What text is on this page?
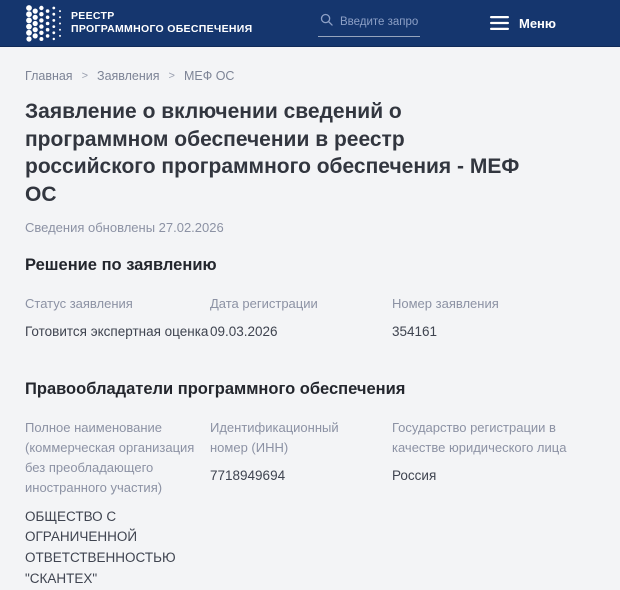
РЕЕСТР
ПРОГРАММНОГО ОБЕСПЕЧЕНИЯ
Введите запрос	Меню
Главная > Заявления > МЕФ ОС
Заявление о включении сведений о программном обеспечении в реестр российского программного обеспечения - МЕФ ОС
Сведения обновлены 27.02.2026
Решение по заявлению
Статус заявления
Готовится экспертная оценка
Дата регистрации
09.03.2026
Номер заявления
354161
Правообладатели программного обеспечения
Полное наименование (коммерческая организация без преобладающего иностранного участия)
ОБЩЕСТВО С ОГРАНИЧЕННОЙ ОТВЕТСТВЕННОСТЬЮ "СКАНТЕХ"
Идентификационный номер (ИНН)
7718949694
Государство регистрации в качестве юридического лица
Россия
